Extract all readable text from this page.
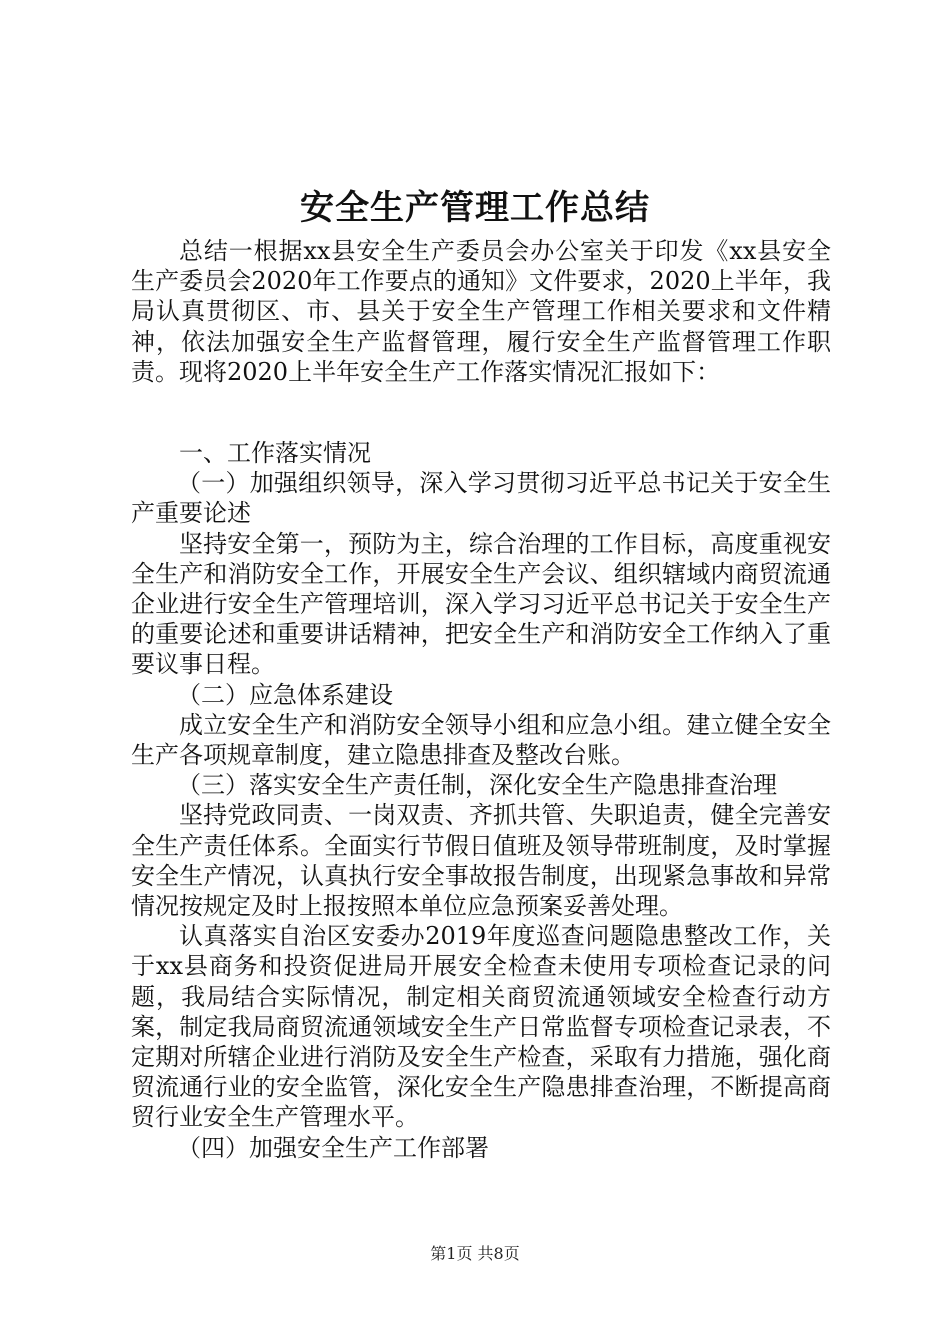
安全生产管理工作总结

总结一根据xx县安全生产委员会办公室关于印发《xx县安全生产委员会2020年工作要点的通知》文件要求，2020上半年，我局认真贯彻区、市、县关于安全生产管理工作相关要求和文件精神，依法加强安全生产监督管理，履行安全生产监督管理工作职责。现将2020上半年安全生产工作落实情况汇报如下：

一、工作落实情况

（一）加强组织领导，深入学习贯彻习近平总书记关于安全生产重要论述

坚持安全第一，预防为主，综合治理的工作目标，高度重视安全生产和消防安全工作，开展安全生产会议、组织辖域内商贸流通企业进行安全生产管理培训，深入学习习近平总书记关于安全生产的重要论述和重要讲话精神，把安全生产和消防安全工作纳入了重要议事日程。

（二）应急体系建设

成立安全生产和消防安全领导小组和应急小组。建立健全安全生产各项规章制度，建立隐患排查及整改台账。

（三）落实安全生产责任制，深化安全生产隐患排查治理

坚持党政同责、一岗双责、齐抓共管、失职追责，健全完善安全生产责任体系。全面实行节假日值班及领导带班制度，及时掌握安全生产情况，认真执行安全事故报告制度，出现紧急事故和异常情况按规定及时上报按照本单位应急预案妥善处理。

认真落实自治区安委办2019年度巡查问题隐患整改工作，关于xx县商务和投资促进局开展安全检查未使用专项检查记录的问题，我局结合实际情况，制定相关商贸流通领域安全检查行动方案，制定我局商贸流通领域安全生产日常监督专项检查记录表，不定期对所辖企业进行消防及安全生产检查，采取有力措施，强化商贸流通行业的安全监管，深化安全生产隐患排查治理，不断提高商贸行业安全生产管理水平。

（四）加强安全生产工作部署

第1页 共8页
